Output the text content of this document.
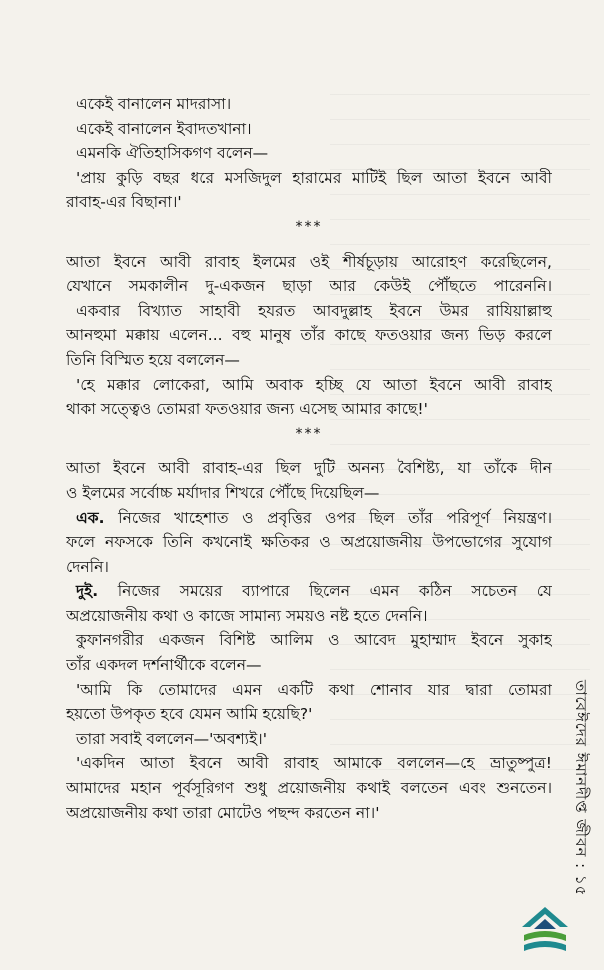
একেই বানালেন মাদরাসা।
একেই বানালেন ইবাদতখানা।
এমনকি ঐতিহাসিকগণ বলেন—
'প্রায় কুড়ি বছর ধরে মসজিদুল হারামের মাটিই ছিল আতা ইবনে আবী
রাবাহ-এর বিছানা।'
***
আতা ইবনে আবী রাবাহ ইলমের ওই শীর্ষচূড়ায় আরোহণ করেছিলেন,
যেখানে সমকালীন দু-একজন ছাড়া আর কেউই পৌঁছতে পারেননি।
একবার বিখ্যাত সাহাবী হযরত আবদুল্লাহ ইবনে উমর রাযিয়াল্লাহু
আনহুমা মক্কায় এলেন... বহু মানুষ তাঁর কাছে ফতওয়ার জন্য ভিড় করলে
তিনি বিস্মিত হয়ে বললেন—
'হে মক্কার লোকেরা, আমি অবাক হচ্ছি যে আতা ইবনে আবী রাবাহ
থাকা সত্ত্বেও তোমরা ফতওয়ার জন্য এসেছ আমার কাছে!'
***
আতা ইবনে আবী রাবাহ-এর ছিল দুটি অনন্য বৈশিষ্ট্য, যা তাঁকে দীন
ও ইলমের সর্বোচ্চ মর্যাদার শিখরে পৌঁছে দিয়েছিল—
এক. নিজের খাহেশাত ও প্রবৃত্তির ওপর ছিল তাঁর পরিপূর্ণ নিয়ন্ত্রণ।
ফলে নফসকে তিনি কখনোই ক্ষতিকর ও অপ্রয়োজনীয় উপভোগের সুযোগ
দেননি।
দুই. নিজের সময়ের ব্যাপারে ছিলেন এমন কঠিন সচেতন যে
অপ্রয়োজনীয় কথা ও কাজে সামান্য সময়ও নষ্ট হতে দেননি।
কুফানগরীর একজন বিশিষ্ট আলিম ও আবেদ মুহাম্মাদ ইবনে সুকাহ
তাঁর একদল দর্শনার্থীকে বলেন—
'আমি কি তোমাদের এমন একটি কথা শোনাব যার দ্বারা তোমরা
হয়তো উপকৃত হবে যেমন আমি হয়েছি?'
তারা সবাই বললেন—'অবশ্যই।'
'একদিন আতা ইবনে আবী রাবাহ আমাকে বললেন—হে ভ্রাতুষ্পুত্র!
আমাদের মহান পূর্বসূরিগণ শুধু প্রয়োজনীয় কথাই বলতেন এবং শুনতেন।
অপ্রয়োজনীয় কথা তারা মোটেও পছন্দ করতেন না।'	তাবেঈদের ঈমানদীপ্ত জীবন : ১৫
